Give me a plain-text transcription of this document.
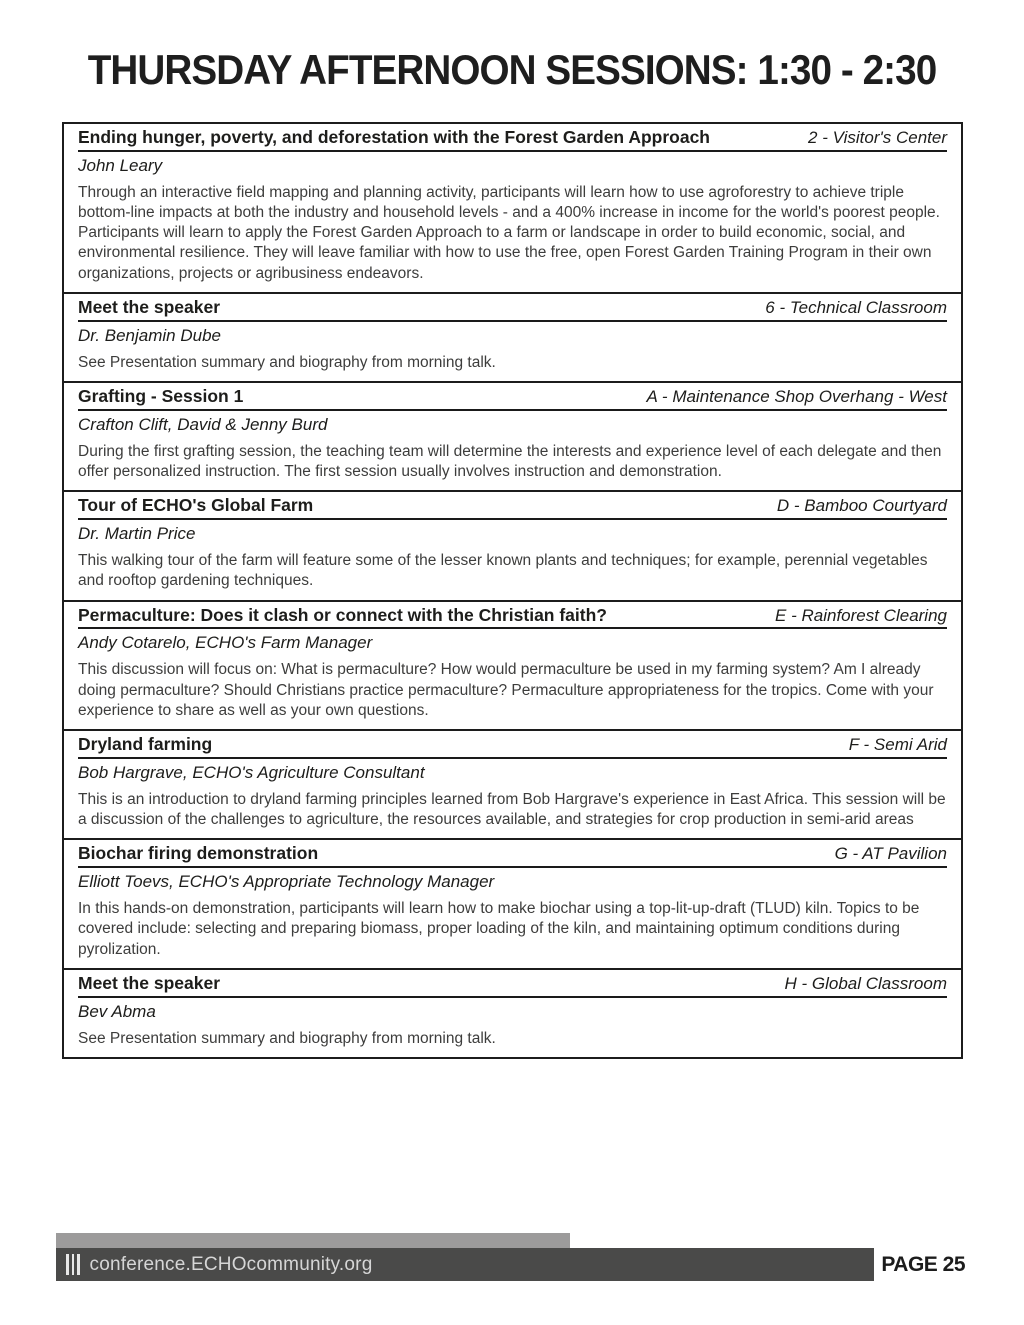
THURSDAY AFTERNOON SESSIONS: 1:30 - 2:30
Ending hunger, poverty, and deforestation with the Forest Garden Approach	2 - Visitor's Center
John Leary
Through an interactive field mapping and planning activity, participants will learn how to use agroforestry to achieve triple bottom-line impacts at both the industry and household levels - and a 400% increase in income for the world's poorest people. Participants will learn to apply the Forest Garden Approach to a farm or landscape in order to build economic, social, and environmental resilience. They will leave familiar with how to use the free, open Forest Garden Training Program in their own organizations, projects or agribusiness endeavors.
Meet the speaker	6 - Technical Classroom
Dr. Benjamin Dube
See Presentation summary and biography from morning talk.
Grafting - Session 1	A - Maintenance Shop Overhang - West
Crafton Clift, David & Jenny Burd
During the first grafting session, the teaching team will determine the interests and experience level of each delegate and then offer personalized instruction. The first session usually involves instruction and demonstration.
Tour of ECHO's Global Farm	D - Bamboo Courtyard
Dr. Martin Price
This walking tour of the farm will feature some of the lesser known plants and techniques; for example, perennial vegetables and rooftop gardening techniques.
Permaculture: Does it clash or connect with the Christian faith?	E - Rainforest Clearing
Andy Cotarelo, ECHO's Farm Manager
This discussion will focus on: What is permaculture? How would permaculture be used in my farming system? Am I already doing permaculture? Should Christians practice permaculture? Permaculture appropriateness for the tropics. Come with your experience to share as well as your own questions.
Dryland farming	F - Semi Arid
Bob Hargrave, ECHO's Agriculture Consultant
This is an introduction to dryland farming principles learned from Bob Hargrave's experience in East Africa. This session will be a discussion of the challenges to agriculture, the resources available, and strategies for crop production in semi-arid areas
Biochar firing demonstration	G - AT Pavilion
Elliott Toevs, ECHO's Appropriate Technology Manager
In this hands-on demonstration, participants will learn how to make biochar using a top-lit-up-draft (TLUD) kiln. Topics to be covered include: selecting and preparing biomass, proper loading of the kiln, and maintaining optimum conditions during pyrolization.
Meet the speaker	H - Global Classroom
Bev Abma
See Presentation summary and biography from morning talk.
conference.ECHOcommunity.org	PAGE 25
